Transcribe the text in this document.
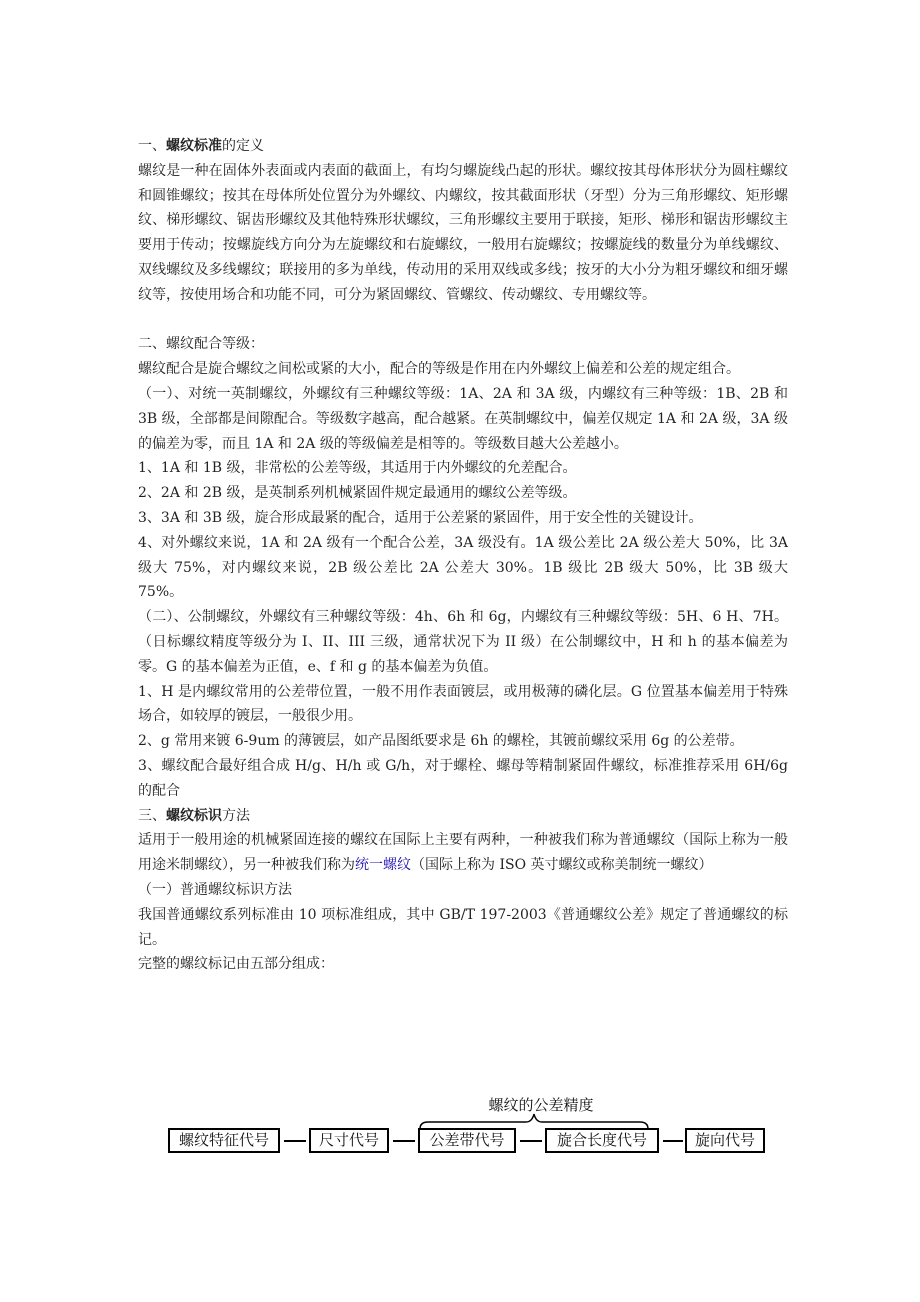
一、螺纹标准的定义

螺纹是一种在固体外表面或内表面的截面上，有均匀螺旋线凸起的形状。螺纹按其母体形状分为圆柱螺纹和圆锥螺纹；按其在母体所处位置分为外螺纹、内螺纹，按其截面形状（牙型）分为三角形螺纹、矩形螺纹、梯形螺纹、锯齿形螺纹及其他特殊形状螺纹，三角形螺纹主要用于联接，矩形、梯形和锯齿形螺纹主要用于传动；按螺旋线方向分为左旋螺纹和右旋螺纹，一般用右旋螺纹；按螺旋线的数量分为单线螺纹、双线螺纹及多线螺纹；联接用的多为单线，传动用的采用双线或多线；按牙的大小分为粗牙螺纹和细牙螺纹等，按使用场合和功能不同，可分为紧固螺纹、管螺纹、传动螺纹、专用螺纹等。

二、螺纹配合等级：

螺纹配合是旋合螺纹之间松或紧的大小，配合的等级是作用在内外螺纹上偏差和公差的规定组合。

（一）、对统一英制螺纹，外螺纹有三种螺纹等级：1A、2A 和 3A 级，内螺纹有三种等级：1B、2B 和 3B 级，全部都是间隙配合。等级数字越高，配合越紧。在英制螺纹中，偏差仅规定 1A 和 2A 级，3A 级的偏差为零，而且 1A 和 2A 级的等级偏差是相等的。等级数目越大公差越小。

1、1A 和 1B 级，非常松的公差等级，其适用于内外螺纹的允差配合。

2、2A 和 2B 级，是英制系列机械紧固件规定最通用的螺纹公差等级。

3、3A 和 3B 级，旋合形成最紧的配合，适用于公差紧的紧固件，用于安全性的关键设计。

4、对外螺纹来说，1A 和 2A 级有一个配合公差，3A 级没有。1A 级公差比 2A 级公差大 50%，比 3A 级大 75%，对内螺纹来说，2B 级公差比 2A 公差大 30%。1B 级比 2B 级大 50%，比 3B 级大 75%。

（二）、公制螺纹，外螺纹有三种螺纹等级：4h、6h 和 6g，内螺纹有三种螺纹等级：5H、6 H、7H。（日标螺纹精度等级分为 I、II、III 三级，通常状况下为 II 级）在公制螺纹中，H 和 h 的基本偏差为零。G 的基本偏差为正值，e、f 和 g 的基本偏差为负值。

1、H 是内螺纹常用的公差带位置，一般不用作表面镀层，或用极薄的磷化层。G 位置基本偏差用于特殊场合，如较厚的镀层，一般很少用。

2、g 常用来镀 6-9um 的薄镀层，如产品图纸要求是 6h 的螺栓，其镀前螺纹采用 6g 的公差带。

3、螺纹配合最好组合成 H/g、H/h 或 G/h，对于螺栓、螺母等精制紧固件螺纹，标准推荐采用 6H/6g 的配合

三、螺纹标识方法

适用于一般用途的机械紧固连接的螺纹在国际上主要有两种，一种被我们称为普通螺纹（国际上称为一般用途米制螺纹），另一种被我们称为统一螺纹（国际上称为 ISO 英寸螺纹或称美制统一螺纹）

（一）普通螺纹标识方法

我国普通螺纹系列标准由 10 项标准组成，其中 GB/T 197-2003《普通螺纹公差》规定了普通螺纹的标记。

完整的螺纹标记由五部分组成：

螺纹的公差精度
螺纹特征代号	尺寸代号	公差带代号	旋合长度代号	旋向代号
